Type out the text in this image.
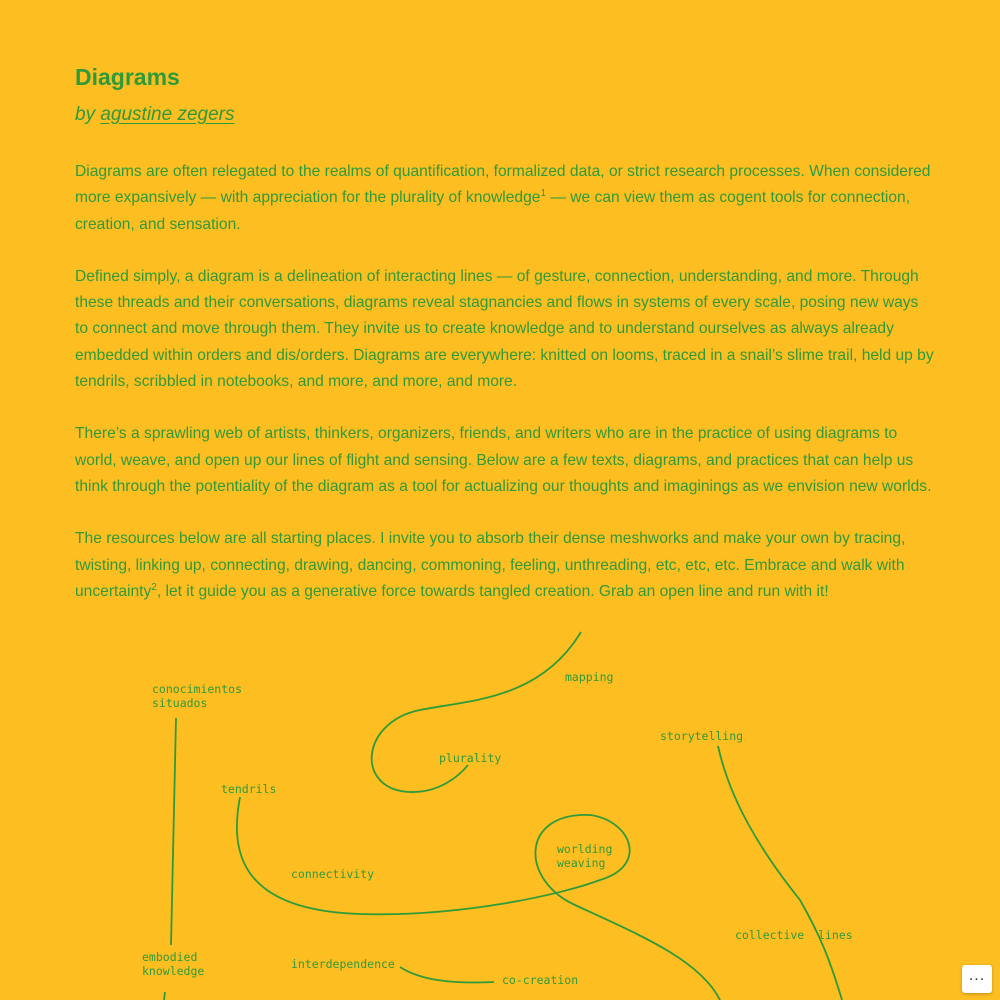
Diagrams
by agustine zegers

Diagrams are often relegated to the realms of quantification, formalized data, or strict research processes. When considered more expansively — with appreciation for the plurality of knowledge$^1$ — we can view them as cogent tools for connection, creation, and sensation.

Defined simply, a diagram is a delineation of interacting lines — of gesture, connection, understanding, and more. Through these threads and their conversations, diagrams reveal stagnancies and flows in systems of every scale, posing new ways to connect and move through them. They invite us to create knowledge and to understand ourselves as always already embedded within orders and dis/orders. Diagrams are everywhere: knitted on looms, traced in a snail’s slime trail, held up by tendrils, scribbled in notebooks, and more, and more, and more.

There’s a sprawling web of artists, thinkers, organizers, friends, and writers who are in the practice of using diagrams to world, weave, and open up our lines of flight and sensing. Below are a few texts, diagrams, and practices that can help us think through the potentiality of the diagram as a tool for actualizing our thoughts and imaginings as we envision new worlds.

The resources below are all starting places. I invite you to absorb their dense meshworks and make your own by tracing, twisting, linking up, connecting, drawing, dancing, commoning, feeling, unthreading, etc, etc, etc. Embrace and walk with uncertainty$^2$, let it guide you as a generative force towards tangled creation. Grab an open line and run with it!

conocimientos
situados
mapping
plurality
storytelling
tendrils
worlding
weaving
connectivity
collective  lines
embodied
knowledge	interdependence
co-creation	...
